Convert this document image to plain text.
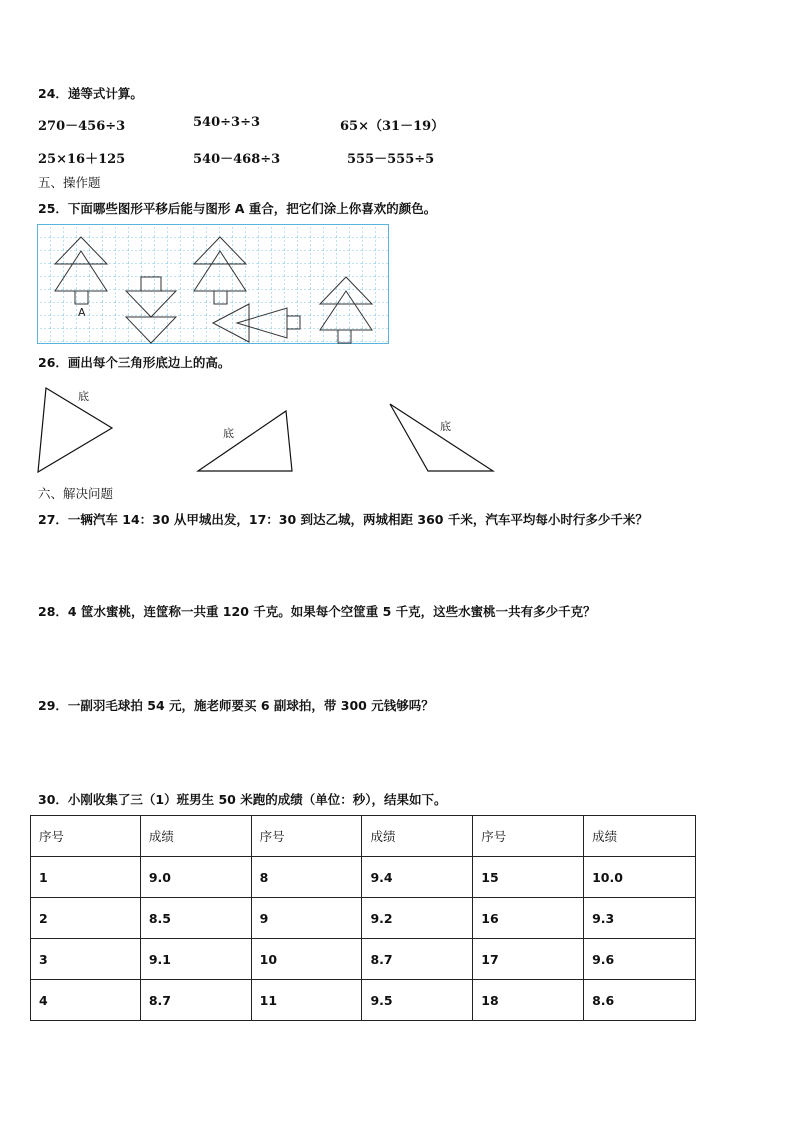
24．递等式计算。
270－456÷3	540÷3÷3	65×（31－19）
25×16＋125	540－468÷3	555－555÷5
五、操作题
25．下面哪些图形平移后能与图形 A 重合，把它们涂上你喜欢的颜色。
A
26．画出每个三角形底边上的高。
底
底
底
六、解决问题
27．一辆汽车 14：30 从甲城出发，17：30 到达乙城，两城相距 360 千米，汽车平均每小时行多少千米？
28．4 筐水蜜桃，连筐称一共重 120 千克。如果每个空筐重 5 千克，这些水蜜桃一共有多少千克？
29．一副羽毛球拍 54 元，施老师要买 6 副球拍，带 300 元钱够吗？
30．小刚收集了三（1）班男生 50 米跑的成绩（单位：秒），结果如下。
序号	成绩	序号	成绩	序号	成绩
1	9.0	8	9.4	15	10.0
2	8.5	9	9.2	16	9.3
3	9.1	10	8.7	17	9.6
4	8.7	11	9.5	18	8.6
